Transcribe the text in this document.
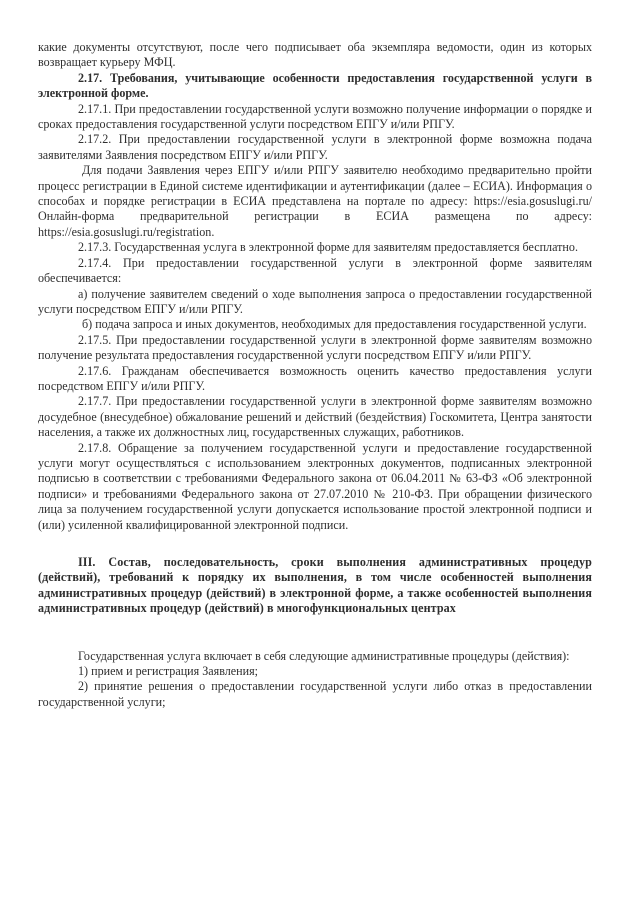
какие документы отсутствуют, после чего подписывает оба экземпляра ведомости, один из которых возвращает курьеру МФЦ.

2.17. Требования, учитывающие особенности предоставления государственной услуги в электронной форме.

2.17.1. При предоставлении государственной услуги возможно получение информации о порядке и сроках предоставления государственной услуги посредством ЕПГУ и/или РПГУ.

2.17.2. При предоставлении государственной услуги в электронной форме возможна подача заявителями Заявления посредством ЕПГУ и/или РПГУ.

Для подачи Заявления через ЕПГУ и/или РПГУ заявителю необходимо предварительно пройти процесс регистрации в Единой системе идентификации и аутентификации (далее – ЕСИА). Информация о способах и порядке регистрации в ЕСИА представлена на портале по адресу: https://esia.gosuslugi.ru/ Онлайн-форма предварительной регистрации в ЕСИА размещена по адресу: https://esia.gosuslugi.ru/registration.

2.17.3. Государственная услуга в электронной форме для заявителям предоставляется бесплатно.

2.17.4. При предоставлении государственной услуги в электронной форме заявителям обеспечивается:

а) получение заявителем сведений о ходе выполнения запроса о предоставлении государственной услуги посредством ЕПГУ и/или РПГУ.

б) подача запроса и иных документов, необходимых для предоставления государственной услуги.

2.17.5. При предоставлении государственной услуги в электронной форме заявителям возможно получение результата предоставления государственной услуги посредством ЕПГУ и/или РПГУ.

2.17.6. Гражданам обеспечивается возможность оценить качество предоставления услуги посредством ЕПГУ и/или РПГУ.

2.17.7. При предоставлении государственной услуги в электронной форме заявителям возможно досудебное (внесудебное) обжалование решений и действий (бездействия) Госкомитета, Центра занятости населения, а также их должностных лиц, государственных служащих, работников.

2.17.8. Обращение за получением государственной услуги и предоставление государственной услуги могут осуществляться с использованием электронных документов, подписанных электронной подписью в соответствии с требованиями Федерального закона от 06.04.2011 № 63-ФЗ «Об электронной подписи» и требованиями Федерального закона от 27.07.2010 № 210-ФЗ. При обращении физического лица за получением государственной услуги допускается использование простой электронной подписи и (или) усиленной квалифицированной электронной подписи.

III. Состав, последовательность, сроки выполнения административных процедур (действий), требований к порядку их выполнения, в том числе особенностей выполнения административных процедур (действий) в электронной форме, а также особенностей выполнения административных процедур (действий) в многофункциональных центрах

Государственная услуга включает в себя следующие административные процедуры (действия):

1) прием и регистрация Заявления;

2) принятие решения о предоставлении государственной услуги либо отказ в предоставлении государственной услуги;
